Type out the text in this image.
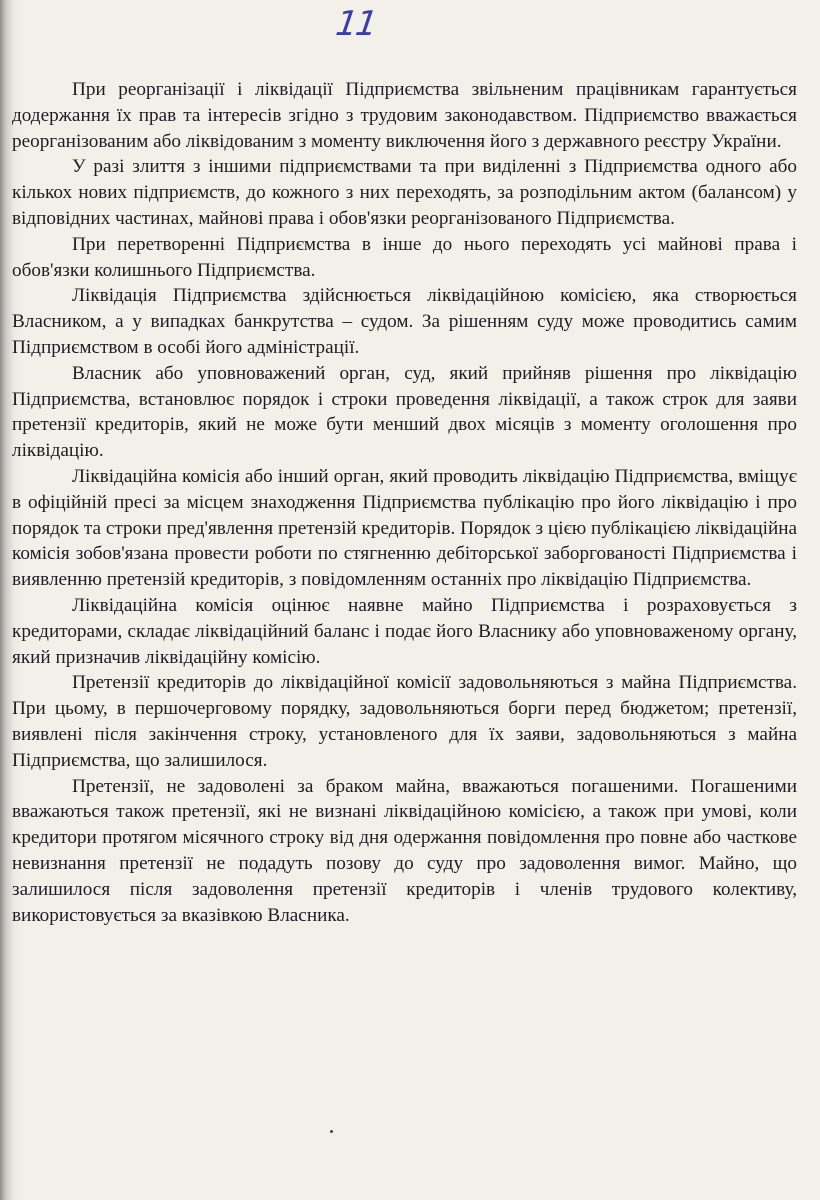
11

При реорганізації і ліквідації Підприємства звільненим працівникам гарантується додержання їх прав та інтересів згідно з трудовим законодавством. Підприємство вважається реорганізованим або ліквідованим з моменту виключення його з державного реєстру України.

У разі злиття з іншими підприємствами та при виділенні з Підприємства одного або кількох нових підприємств, до кожного з них переходять, за розподільним актом (балансом) у відповідних частинах, майнові права і обов'язки реорганізованого Підприємства.

При перетворенні Підприємства в інше до нього переходять усі майнові права і обов'язки колишнього Підприємства.

Ліквідація Підприємства здійснюється ліквідаційною комісією, яка створюється Власником, а у випадках банкрутства – судом. За рішенням суду може проводитись самим Підприємством в особі його адміністрації.

Власник або уповноважений орган, суд, який прийняв рішення про ліквідацію Підприємства, встановлює порядок і строки проведення ліквідації, а також строк для заяви претензії кредиторів, який не може бути менший двох місяців з моменту оголошення про ліквідацію.

Ліквідаційна комісія або інший орган, який проводить ліквідацію Підприємства, вміщує в офіційній пресі за місцем знаходження Підприємства публікацію про його ліквідацію і про порядок та строки пред'явлення претензій кредиторів. Порядок з цією публікацією ліквідаційна комісія зобов'язана провести роботи по стягненню дебіторської заборгованості Підприємства і виявленню претензій кредиторів, з повідомленням останніх про ліквідацію Підприємства.

Ліквідаційна комісія оцінює наявне майно Підприємства і розраховується з кредиторами, складає ліквідаційний баланс і подає його Власнику або уповноваженому органу, який призначив ліквідаційну комісію.

Претензії кредиторів до ліквідаційної комісії задовольняються з майна Підприємства. При цьому, в першочерговому порядку, задовольняються борги перед бюджетом; претензії, виявлені після закінчення строку, установленого для їх заяви, задовольняються з майна Підприємства, що залишилося.

Претензії, не задоволені за браком майна, вважаються погашеними. Погашеними вважаються також претензії, які не визнані ліквідаційною комісією, а також при умові, коли кредитори протягом місячного строку від дня одержання повідомлення про повне або часткове невизнання претензії не подадуть позову до суду про задоволення вимог. Майно, що залишилося після задоволення претензії кредиторів і членів трудового колективу, використовується за вказівкою Власника.
